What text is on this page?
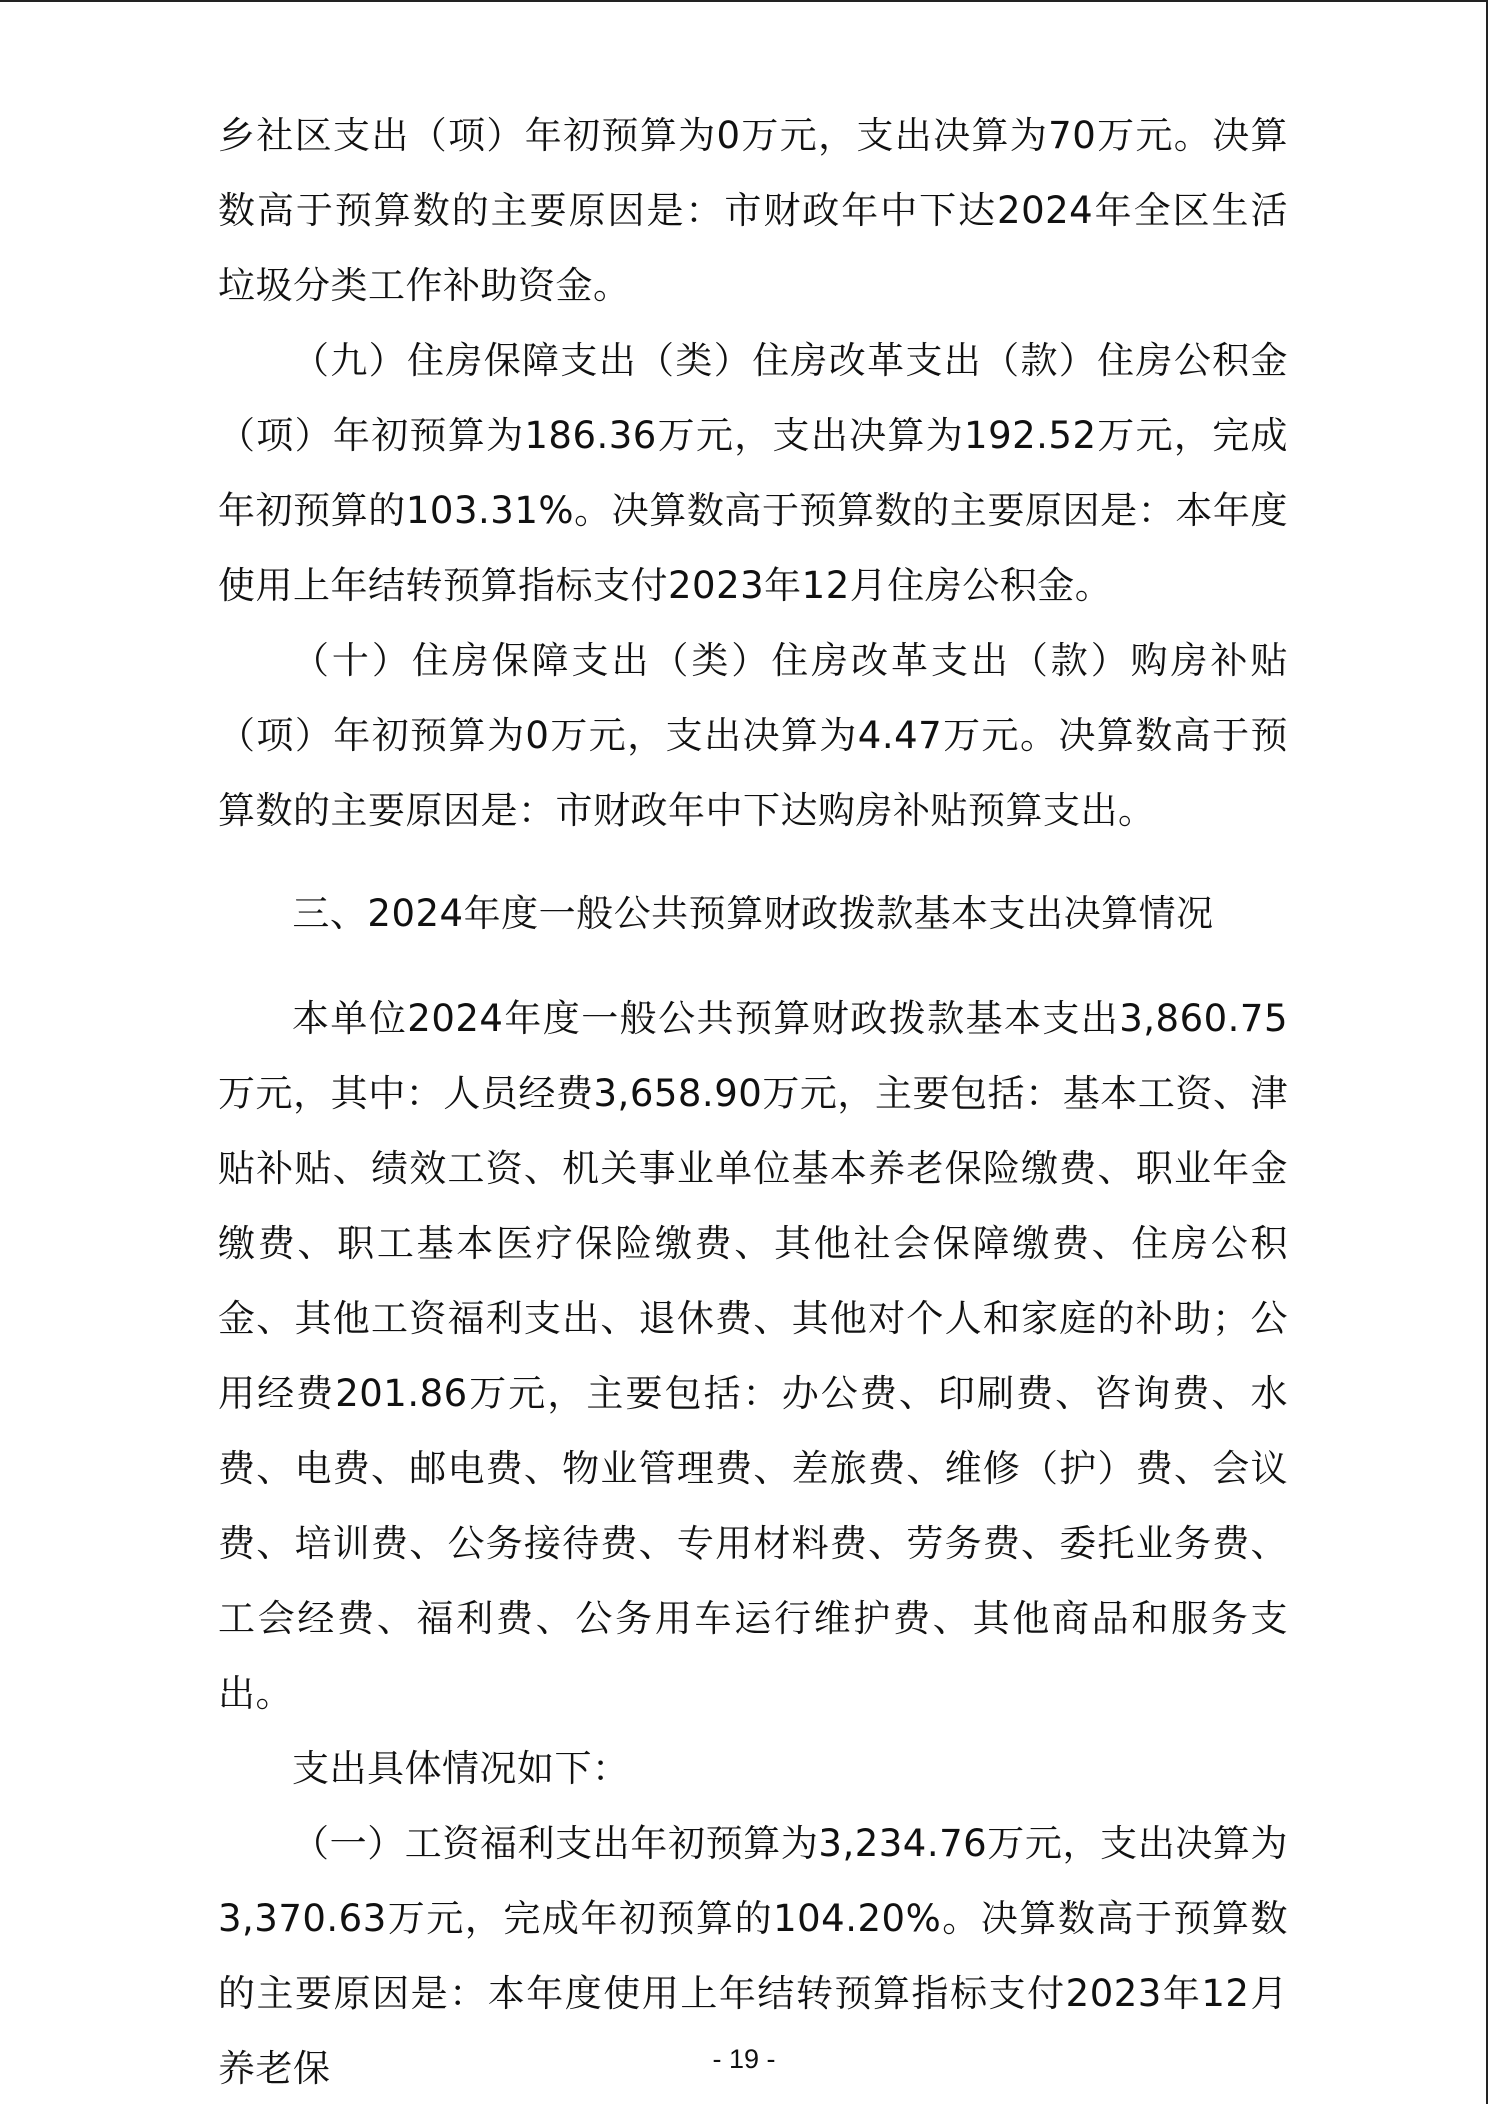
乡社区支出（项）年初预算为0万元，支出决算为70万元。决算数高于预算数的主要原因是：市财政年中下达2024年全区生活垃圾分类工作补助资金。

（九）住房保障支出（类）住房改革支出（款）住房公积金（项）年初预算为186.36万元，支出决算为192.52万元，完成年初预算的103.31%。决算数高于预算数的主要原因是：本年度使用上年结转预算指标支付2023年12月住房公积金。

（十）住房保障支出（类）住房改革支出（款）购房补贴（项）年初预算为0万元，支出决算为4.47万元。决算数高于预算数的主要原因是：市财政年中下达购房补贴预算支出。

三、2024年度一般公共预算财政拨款基本支出决算情况

本单位2024年度一般公共预算财政拨款基本支出3,860.75万元，其中：人员经费3,658.90万元，主要包括：基本工资、津贴补贴、绩效工资、机关事业单位基本养老保险缴费、职业年金缴费、职工基本医疗保险缴费、其他社会保障缴费、住房公积金、其他工资福利支出、退休费、其他对个人和家庭的补助；公用经费201.86万元，主要包括：办公费、印刷费、咨询费、水费、电费、邮电费、物业管理费、差旅费、维修（护）费、会议费、培训费、公务接待费、专用材料费、劳务费、委托业务费、工会经费、福利费、公务用车运行维护费、其他商品和服务支出。

支出具体情况如下：

（一）工资福利支出年初预算为3,234.76万元，支出决算为3,370.63万元，完成年初预算的104.20%。决算数高于预算数的主要原因是：本年度使用上年结转预算指标支付2023年12月养老保	- 19 -
